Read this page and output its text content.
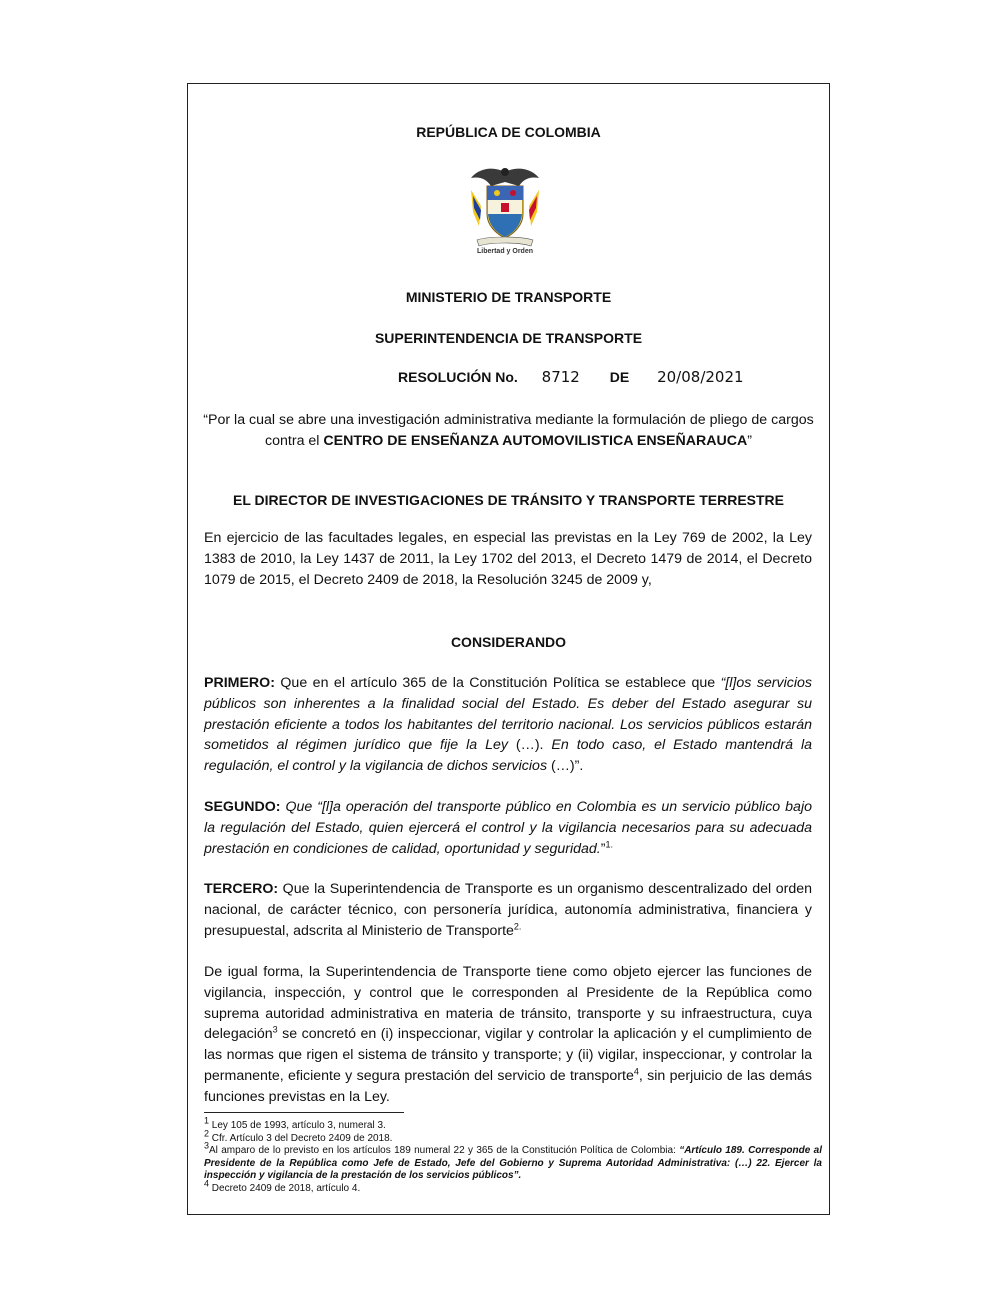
REPÚBLICA DE COLOMBIA
Libertad y Orden
MINISTERIO DE TRANSPORTE
SUPERINTENDENCIA DE TRANSPORTE
RESOLUCIÓN No. 8712 DE 20/08/2021
“Por la cual se abre una investigación administrativa mediante la formulación de pliego de cargos
contra el CENTRO DE ENSEÑANZA AUTOMOVILISTICA ENSEÑARAUCA”
EL DIRECTOR DE INVESTIGACIONES DE TRÁNSITO Y TRANSPORTE TERRESTRE
En ejercicio de las facultades legales, en especial las previstas en la Ley 769 de 2002, la Ley 1383 de 2010, la Ley 1437 de 2011, la Ley 1702 del 2013, el Decreto 1479 de 2014, el Decreto 1079 de 2015, el Decreto 2409 de 2018, la Resolución 3245 de 2009 y,
CONSIDERANDO
PRIMERO: Que en el artículo 365 de la Constitución Política se establece que “[l]os servicios públicos son inherentes a la finalidad social del Estado. Es deber del Estado asegurar su prestación eficiente a todos los habitantes del territorio nacional. Los servicios públicos estarán sometidos al régimen jurídico que fije la Ley (…). En todo caso, el Estado mantendrá la regulación, el control y la vigilancia de dichos servicios (…)”.
SEGUNDO: Que “[l]a operación del transporte público en Colombia es un servicio público bajo la regulación del Estado, quien ejercerá el control y la vigilancia necesarios para su adecuada prestación en condiciones de calidad, oportunidad y seguridad.”$^{1.}$
TERCERO: Que la Superintendencia de Transporte es un organismo descentralizado del orden nacional, de carácter técnico, con personería jurídica, autonomía administrativa, financiera y presupuestal, adscrita al Ministerio de Transporte$^{2.}$
De igual forma, la Superintendencia de Transporte tiene como objeto ejercer las funciones de vigilancia, inspección, y control que le corresponden al Presidente de la República como suprema autoridad administrativa en materia de tránsito, transporte y su infraestructura, cuya delegación$^3$ se concretó en (i) inspeccionar, vigilar y controlar la aplicación y el cumplimiento de las normas que rigen el sistema de tránsito y transporte; y (ii) vigilar, inspeccionar, y controlar la permanente, eficiente y segura prestación del servicio de transporte$^4$, sin perjuicio de las demás funciones previstas en la Ley.
$^1$ Ley 105 de 1993, artículo 3, numeral 3.
$^2$ Cfr. Artículo 3 del Decreto 2409 de 2018.
$^3$Al amparo de lo previsto en los artículos 189 numeral 22 y 365 de la Constitución Política de Colombia: “Artículo 189. Corresponde al Presidente de la República como Jefe de Estado, Jefe del Gobierno y Suprema Autoridad Administrativa: (…) 22. Ejercer la inspección y vigilancia de la prestación de los servicios públicos”.
$^4$ Decreto 2409 de 2018, artículo 4.
